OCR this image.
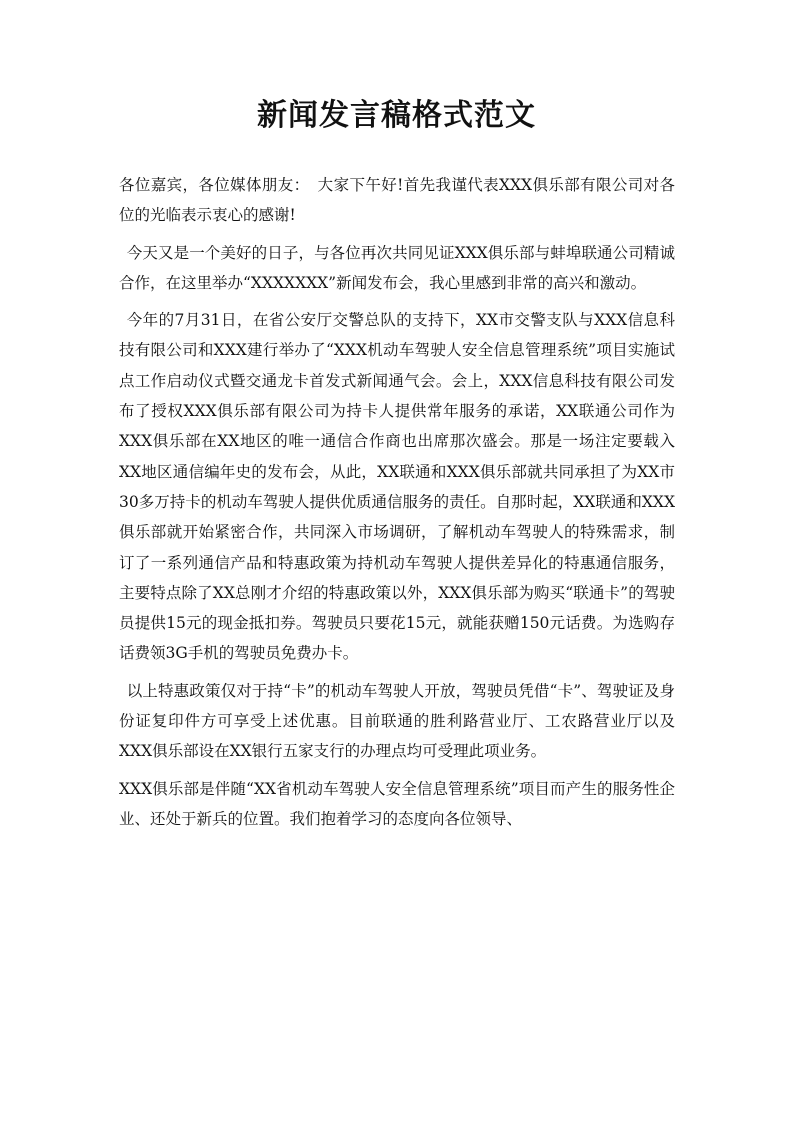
新闻发言稿格式范文

各位嘉宾，各位媒体朋友：　大家下午好!首先我谨代表XXX俱乐部有限公司对各位的光临表示衷心的感谢!

今天又是一个美好的日子，与各位再次共同见证XXX俱乐部与蚌埠联通公司精诚合作，在这里举办“XXXXXXX”新闻发布会，我心里感到非常的高兴和激动。

今年的7月31日，在省公安厅交警总队的支持下，XX市交警支队与XXX信息科技有限公司和XXX建行举办了“XXX机动车驾驶人安全信息管理系统”项目实施试点工作启动仪式暨交通龙卡首发式新闻通气会。会上，XXX信息科技有限公司发布了授权XXX俱乐部有限公司为持卡人提供常年服务的承诺，XX联通公司作为XXX俱乐部在XX地区的唯一通信合作商也出席那次盛会。那是一场注定要载入XX地区通信编年史的发布会，从此，XX联通和XXX俱乐部就共同承担了为XX市30多万持卡的机动车驾驶人提供优质通信服务的责任。自那时起，XX联通和XXX俱乐部就开始紧密合作，共同深入市场调研，了解机动车驾驶人的特殊需求，制订了一系列通信产品和特惠政策为持机动车驾驶人提供差异化的特惠通信服务，主要特点除了XX总刚才介绍的特惠政策以外，XXX俱乐部为购买“联通卡”的驾驶员提供15元的现金抵扣券。驾驶员只要花15元，就能获赠150元话费。为选购存话费领3G手机的驾驶员免费办卡。

以上特惠政策仅对于持“卡”的机动车驾驶人开放，驾驶员凭借“卡”、驾驶证及身份证复印件方可享受上述优惠。目前联通的胜利路营业厅、工农路营业厅以及XXX俱乐部设在XX银行五家支行的办理点均可受理此项业务。

XXX俱乐部是伴随“XX省机动车驾驶人安全信息管理系统”项目而产生的服务性企业、还处于新兵的位置。我们抱着学习的态度向各位领导、
